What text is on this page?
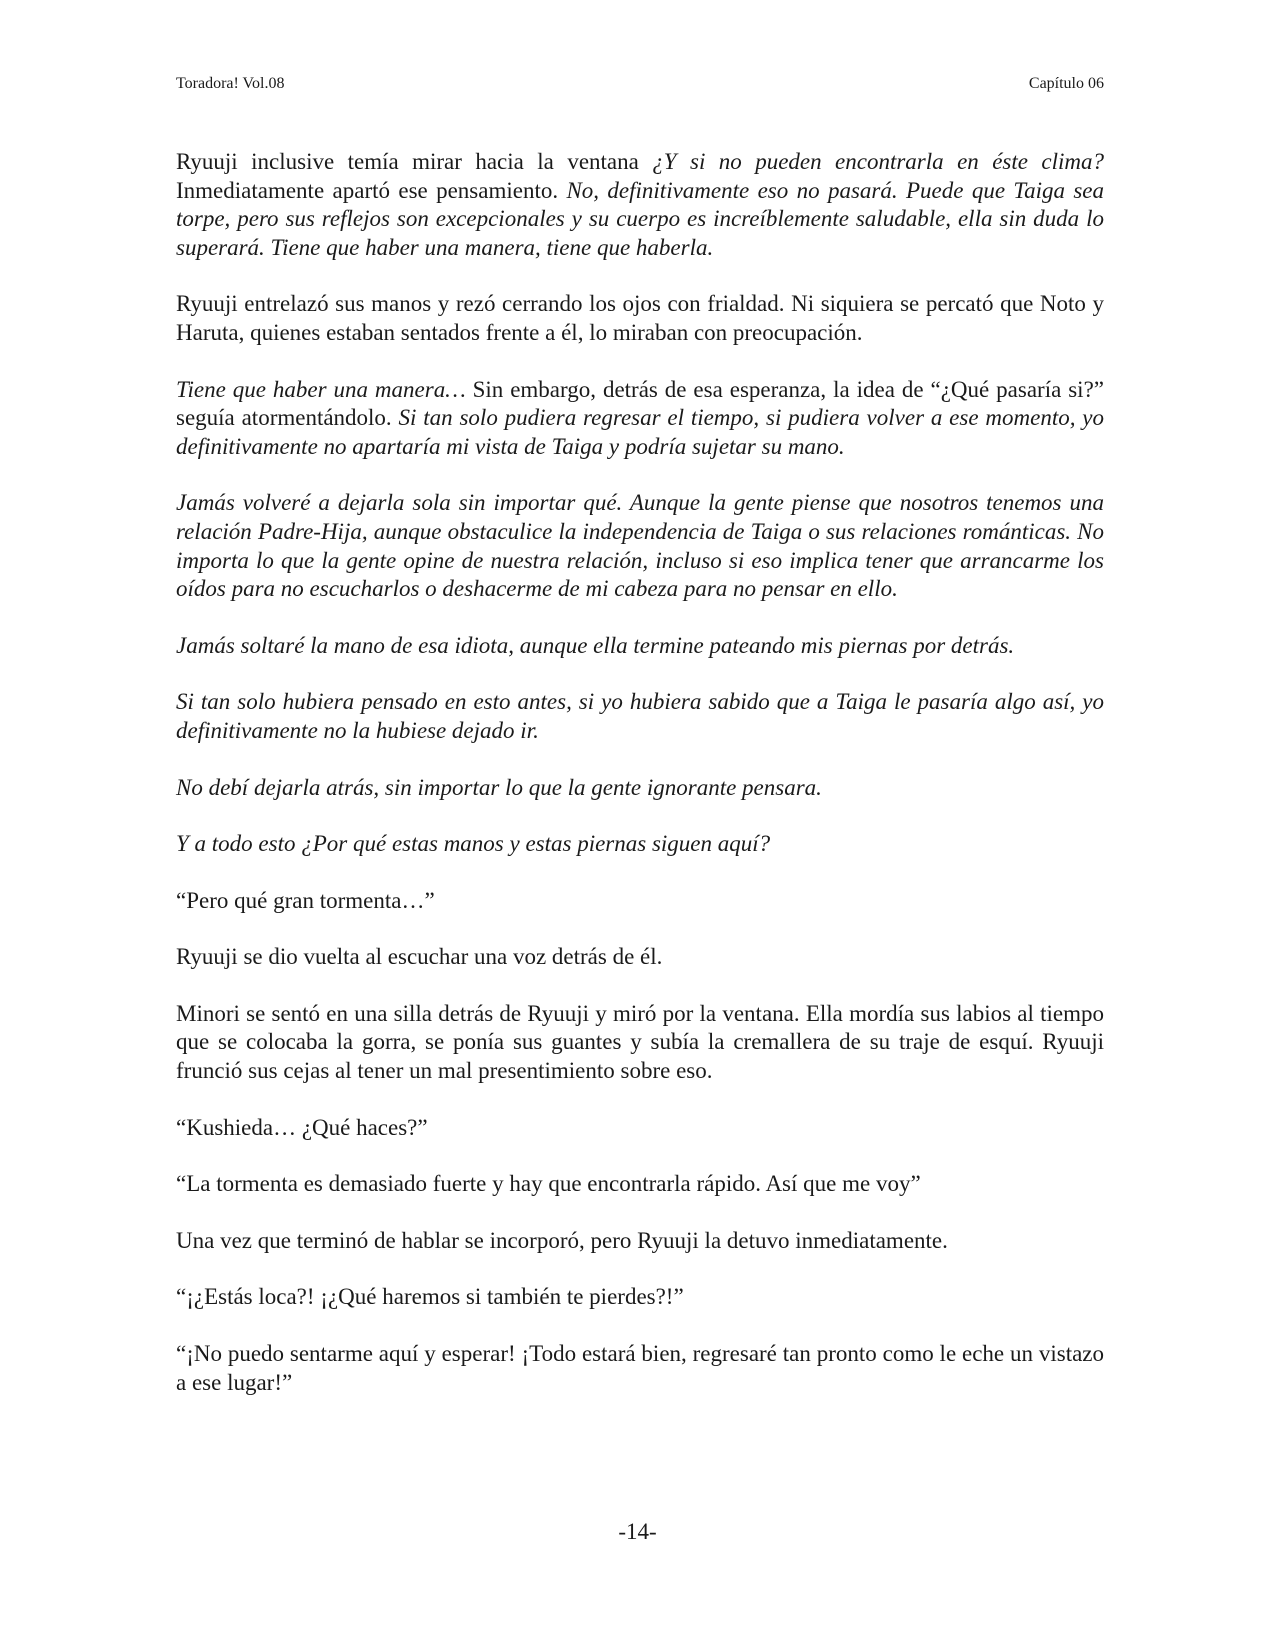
Toradora! Vol.08	Capítulo 06

Ryuuji inclusive temía mirar hacia la ventana ¿Y si no pueden encontrarla en éste clima? Inmediatamente apartó ese pensamiento. No, definitivamente eso no pasará. Puede que Taiga sea torpe, pero sus reflejos son excepcionales y su cuerpo es increíblemente saludable, ella sin duda lo superará. Tiene que haber una manera, tiene que haberla.

Ryuuji entrelazó sus manos y rezó cerrando los ojos con frialdad. Ni siquiera se percató que Noto y Haruta, quienes estaban sentados frente a él, lo miraban con preocupación.

Tiene que haber una manera… Sin embargo, detrás de esa esperanza, la idea de “¿Qué pasaría si?” seguía atormentándolo. Si tan solo pudiera regresar el tiempo, si pudiera volver a ese momento, yo definitivamente no apartaría mi vista de Taiga y podría sujetar su mano.

Jamás volveré a dejarla sola sin importar qué. Aunque la gente piense que nosotros tenemos una relación Padre-Hija, aunque obstaculice la independencia de Taiga o sus relaciones románticas. No importa lo que la gente opine de nuestra relación, incluso si eso implica tener que arrancarme los oídos para no escucharlos o deshacerme de mi cabeza para no pensar en ello.

Jamás soltaré la mano de esa idiota, aunque ella termine pateando mis piernas por detrás.

Si tan solo hubiera pensado en esto antes, si yo hubiera sabido que a Taiga le pasaría algo así, yo definitivamente no la hubiese dejado ir.

No debí dejarla atrás, sin importar lo que la gente ignorante pensara.

Y a todo esto ¿Por qué estas manos y estas piernas siguen aquí?

“Pero qué gran tormenta…”

Ryuuji se dio vuelta al escuchar una voz detrás de él.

Minori se sentó en una silla detrás de Ryuuji y miró por la ventana. Ella mordía sus labios al tiempo que se colocaba la gorra, se ponía sus guantes y subía la cremallera de su traje de esquí. Ryuuji frunció sus cejas al tener un mal presentimiento sobre eso.

“Kushieda… ¿Qué haces?”

“La tormenta es demasiado fuerte y hay que encontrarla rápido. Así que me voy”

Una vez que terminó de hablar se incorporó, pero Ryuuji la detuvo inmediatamente.

“¡¿Estás loca?! ¡¿Qué haremos si también te pierdes?!”

“¡No puedo sentarme aquí y esperar! ¡Todo estará bien, regresaré tan pronto como le eche un vistazo a ese lugar!”

-14-
